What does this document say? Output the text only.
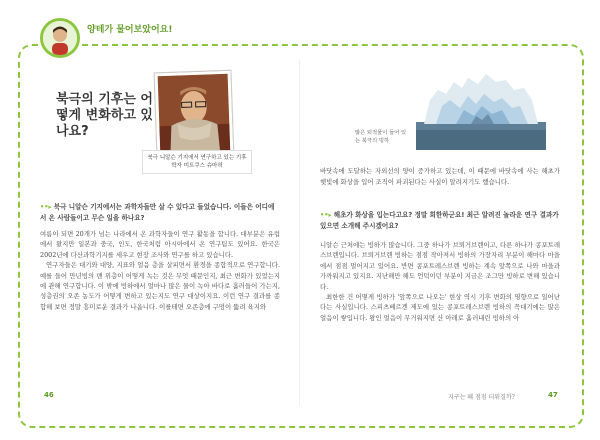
양테가 물어보았어요!
북극의 기후는 어떻게 변화하고 있나요?
북극 니알슨 기지에서 연구하고 있는 기후학자 미트쿠스 슈마허
••▸ 북극 니알슨 기지에서는 과학자들만 살 수 있다고 들었습니다. 이들은 어디에서 온 사람들이고 무슨 일을 하나요?

여름이 되면 20개가 넘는 나라에서 온 과학자들이 연구 활동을 합니다. 대부분은 유럽에서 왔지만 일본과 중국, 인도, 한국처럼 아시아에서 온 연구팀도 있어요. 한국은 2002년에 다산과학기지를 세우고 현장 조사와 연구를 하고 있습니다.

연구자들은 대기와 대양, 지표와 얼음 층을 살피면서 환경을 종합적으로 연구합니다. 예를 들어 만년빙의 맨 위층이 어떻게 녹는 것은 무엇 때문인지, 최근 변화가 있었는지에 관해 연구합니다. 이 밖에 빙하에서 얼마나 많은 물이 녹아 바다로 흘러들어 가는지, 성층권의 오존 농도가 어떻게 변하고 있는지도 연구 대상이지요. 이런 연구 결과를 종합해 보면 정말 흥미로운 결과가 나옵니다. 이를테면 오존층에 구멍이 뚫려 육지와

46
많은 퇴적물이 들어 있는 북극의 빙하

바닷속에 도달하는 자외선의 양이 증가하고 있는데, 이 때문에 바닷속에 사는 해초가 햇빛에 화상을 입어 조직이 파괴된다는 사실이 알려지기도 했습니다.

••▸ 해초가 화상을 입는다고요? 정말 희한하군요! 최근 알려진 놀라운 연구 결과가 있으면 소개해 주시겠어요?

니알슨 근처에는 빙하가 많습니다. 그중 하나가 브뢰거브렌이고, 다른 하나가 콩포트레스브렌입니다. 브뢰거브렌 빙하는 점점 작아져서 빙하의 가장자리 부분이 해마다 마을에서 점점 멀어지고 있어요. 반면 콩포트레스브렌 빙하는 계속 앞쪽으로 나와 마을과 가까워지고 있지요. 지난해만 해도 언덕이던 부분이 지금은 조그만 빙하로 변해 있습니다.

최한한 건 어떻게 빙하가 '앞쪽으로 나오는' 현상 역시 기후 변화의 영향으로 일어난다는 사실입니다. 스피츠베르겐 제도에 있는 콩포트레스브렌 빙하의 꼭대기에는 많은 얼음이 쌓입니다. 왕인 얼음이 무거워지면 산 아래로 흘러내린 빙하의 아

지구는 왜 점점 더워질까?	47
